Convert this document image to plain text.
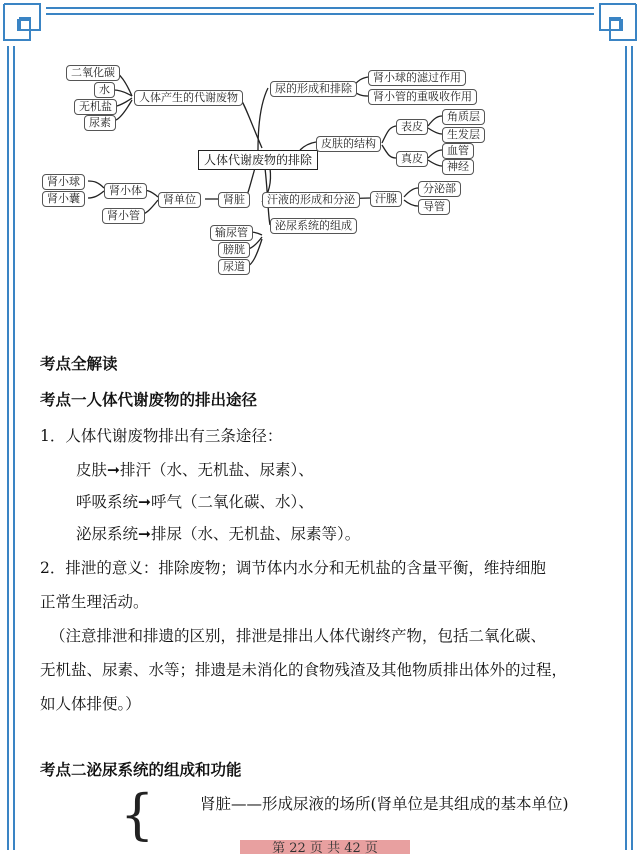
人体代谢废物的排除
人体产生的代谢废物
二氧化碳
水
无机盐
尿素
尿的形成和排除
肾小球的滤过作用
肾小管的重吸收作用
皮肤的结构
表皮
角质层
生发层
真皮
血管
神经
汗液的形成和分泌	汗腺
分泌部
导管
肾脏
肾单位
肾小体
肾小球
肾小囊
肾小管
泌尿系统的组成
输尿管
膀胱
尿道
考点全解读
考点一人体代谢废物的排出途径
1．人体代谢废物排出有三条途径：
皮肤➞排汗（水、无机盐、尿素）、
呼吸系统➞呼气（二氧化碳、水）、
泌尿系统➞排尿（水、无机盐、尿素等）。
2．排泄的意义：排除废物；调节体内水分和无机盐的含量平衡，维持细胞
正常生理活动。
（注意排泄和排遗的区别，排泄是排出人体代谢终产物，包括二氧化碳、
无机盐、尿素、水等；排遗是未消化的食物残渣及其他物质排出体外的过程，
如人体排便。）
考点二泌尿系统的组成和功能
肾脏——形成尿液的场所(肾单位是其组成的基本单位)
{
第 22 页 共 42 页
